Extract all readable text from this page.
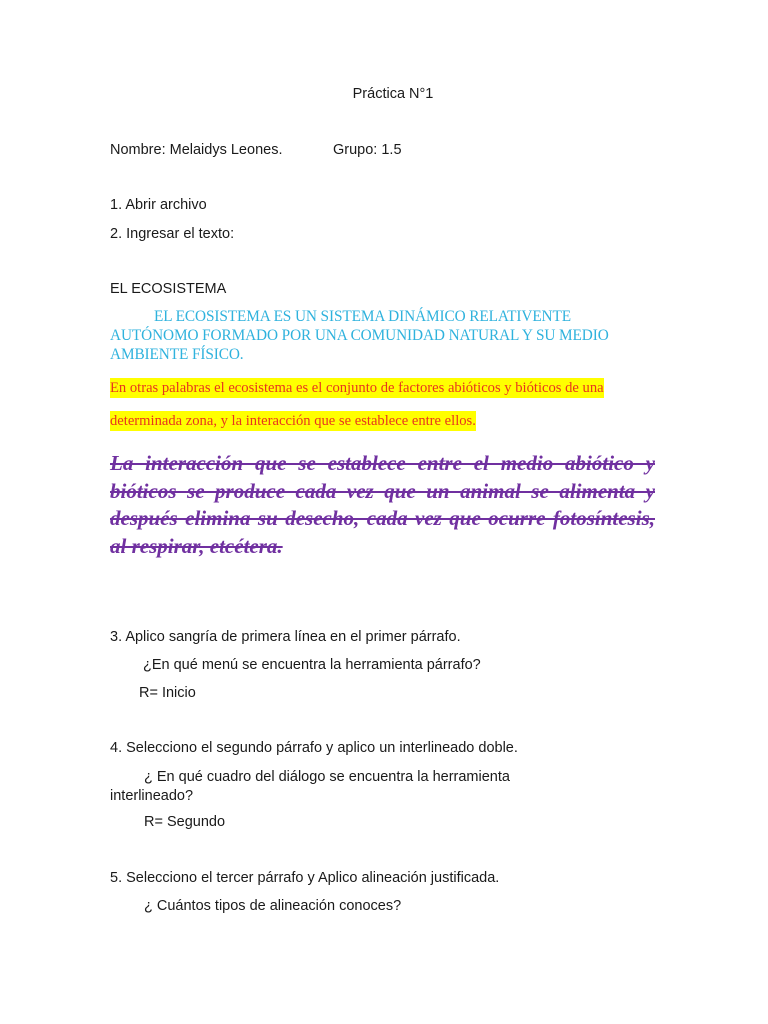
Práctica N°1
Nombre: Melaidys Leones.	Grupo: 1.5
1. Abrir archivo
2. Ingresar el texto:
EL ECOSISTEMA
EL ECOSISTEMA ES UN SISTEMA DINÁMICO RELATIVENTE AUTÓNOMO FORMADO POR UNA COMUNIDAD NATURAL Y SU MEDIO AMBIENTE FÍSICO.
En otras palabras el ecosistema es el conjunto de factores abióticos y bióticos de una
determinada zona, y la interacción que se establece entre ellos.
La interacción que se establece entre el medio abiótico y bióticos se produce cada vez que un animal se alimenta y después elimina su desecho, cada vez que ocurre fotosíntesis, al respirar, etcétera.
3. Aplico sangría de primera línea en el primer párrafo.
¿En qué menú se encuentra la herramienta párrafo?
R= Inicio
4. Selecciono el segundo párrafo y aplico un interlineado doble.
¿ En qué cuadro del diálogo se encuentra la herramienta interlineado?
R= Segundo
5. Selecciono el tercer párrafo y Aplico alineación justificada.
¿ Cuántos tipos de alineación conoces?
